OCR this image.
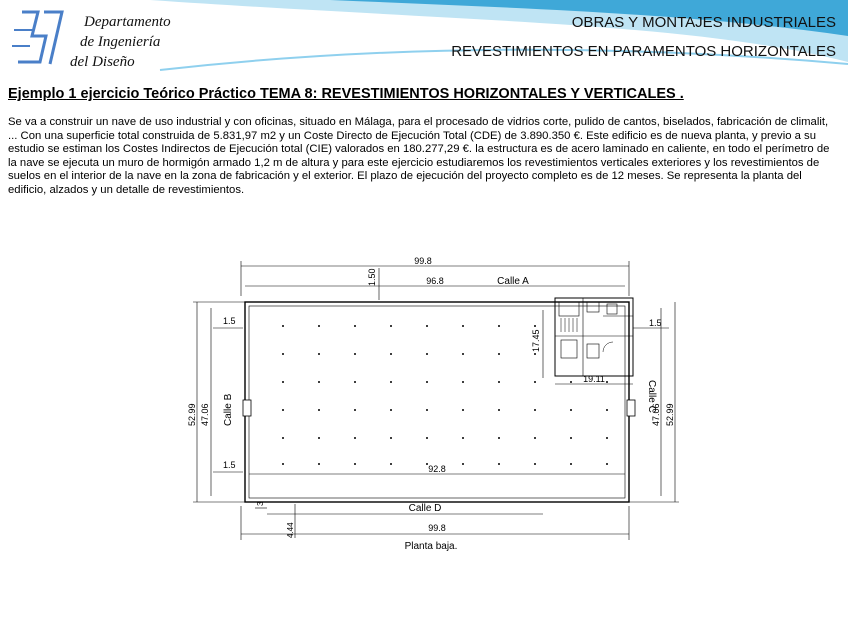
Departamento
de Ingeniería
del Diseño
OBRAS Y MONTAJES INDUSTRIALES
REVESTIMIENTOS EN PARAMENTOS HORIZONTALES
Ejemplo 1 ejercicio Teórico Práctico TEMA 8: REVESTIMIENTOS HORIZONTALES Y VERTICALES .
Se va a construir un nave de uso industrial y con oficinas, situado en Málaga, para el procesado de vidrios corte, pulido de cantos, biselados, fabricación de climalit, ... Con una superficie total construida de 5.831,97 m2 y un Coste Directo de Ejecución Total (CDE) de 3.890.350 €. Este edificio es de nueva planta, y previo a su estudio se estiman los Costes Indirectos de Ejecución total (CIE) valorados en 180.277,29 €. la estructura es de acero laminado en caliente, en todo el perímetro de la nave se ejecuta un muro de hormigón armado 1,2 m de altura y para este ejercicio estudiaremos los revestimientos verticales exteriores y los revestimientos de suelos en el interior de la nave en la zona de fabricación y el exterior. El plazo de ejecución del proyecto completo es de 12 meses. Se representa la planta del edificio, alzados y un detalle de revestimientos.
99.8
96.8	Calle A
1.50
1.5
1.5
1.5
17.45
19.11
52.99 47.06 Calle B	Calle C
47.06 52.99
92.8
3
4.44
Calle D
99.8
Planta baja.
